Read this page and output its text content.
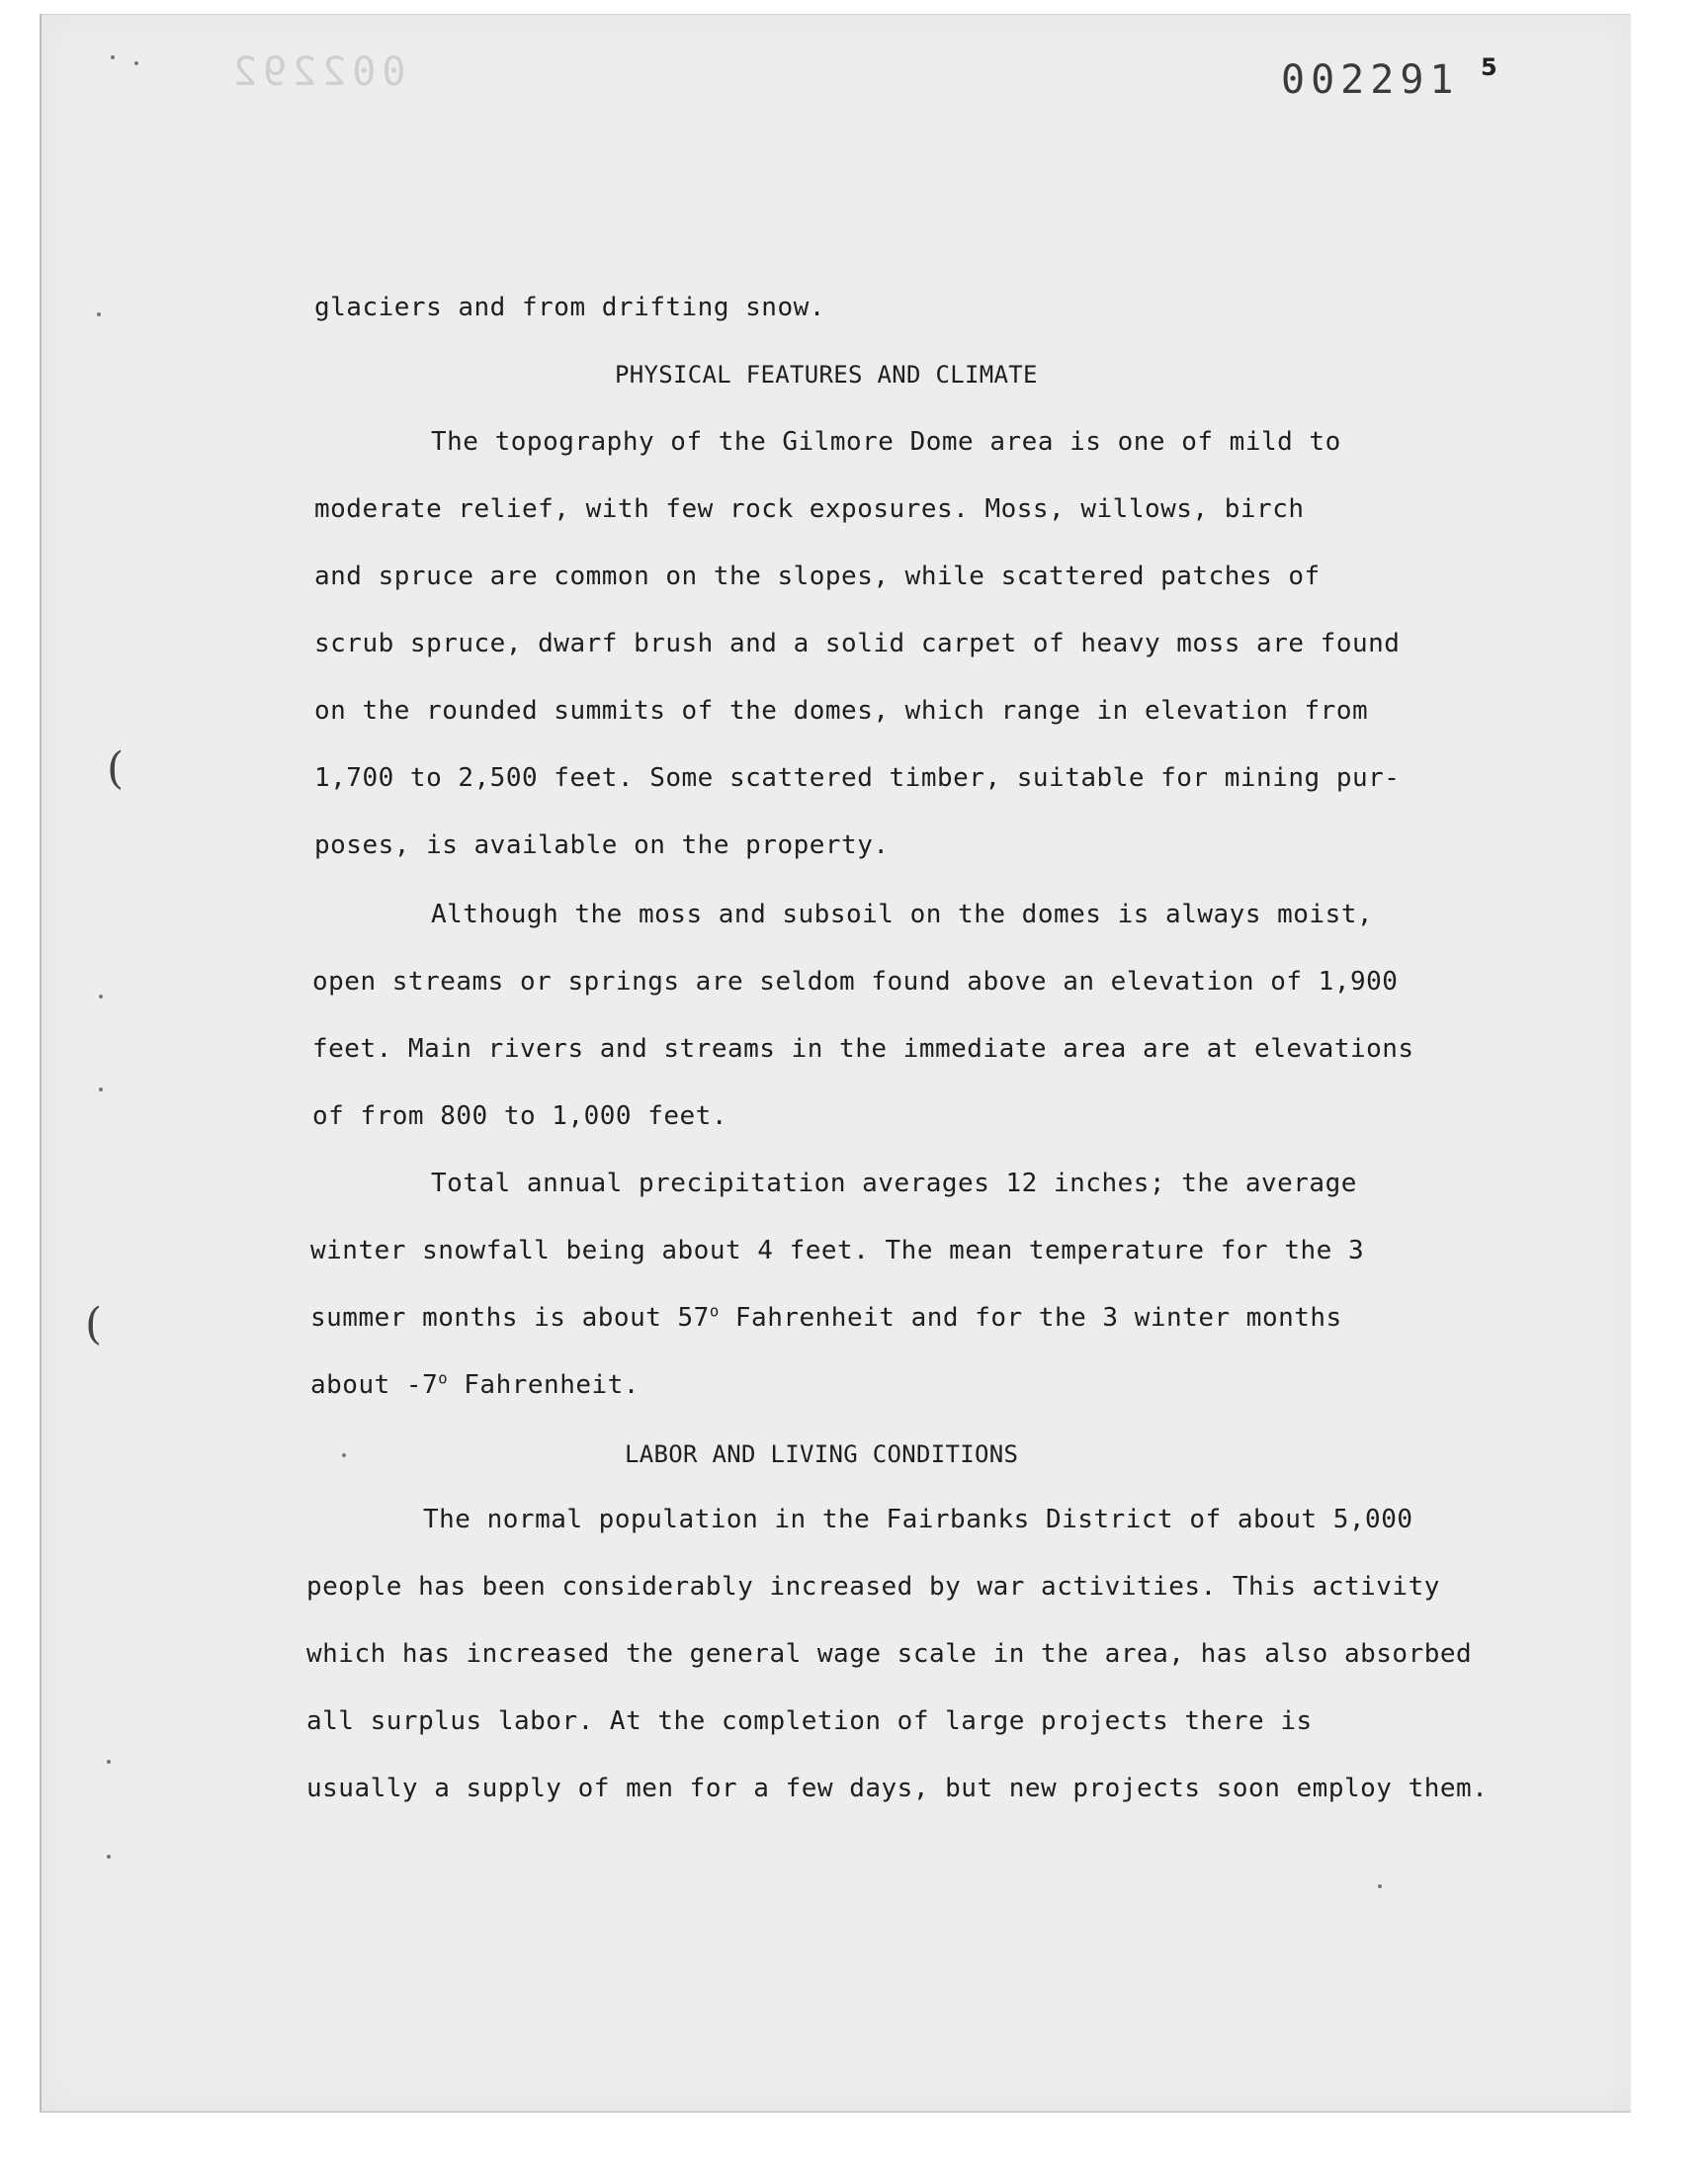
002292	002291 5
(
(
glaciers and from drifting snow.
PHYSICAL FEATURES AND CLIMATE
The topography of the Gilmore Dome area is one of mild to
moderate relief, with few rock exposures. Moss, willows, birch
and spruce are common on the slopes, while scattered patches of
scrub spruce, dwarf brush and a solid carpet of heavy moss are found
on the rounded summits of the domes, which range in elevation from
1,700 to 2,500 feet. Some scattered timber, suitable for mining pur-
poses, is available on the property.
Although the moss and subsoil on the domes is always moist,
open streams or springs are seldom found above an elevation of 1,900
feet. Main rivers and streams in the immediate area are at elevations
of from 800 to 1,000 feet.
Total annual precipitation averages 12 inches; the average
winter snowfall being about 4 feet. The mean temperature for the 3
summer months is about 57$^o$ Fahrenheit and for the 3 winter months
about -7$^o$ Fahrenheit.
LABOR AND LIVING CONDITIONS
The normal population in the Fairbanks District of about 5,000
people has been considerably increased by war activities. This activity
which has increased the general wage scale in the area, has also absorbed
all surplus labor. At the completion of large projects there is
usually a supply of men for a few days, but new projects soon employ them.
